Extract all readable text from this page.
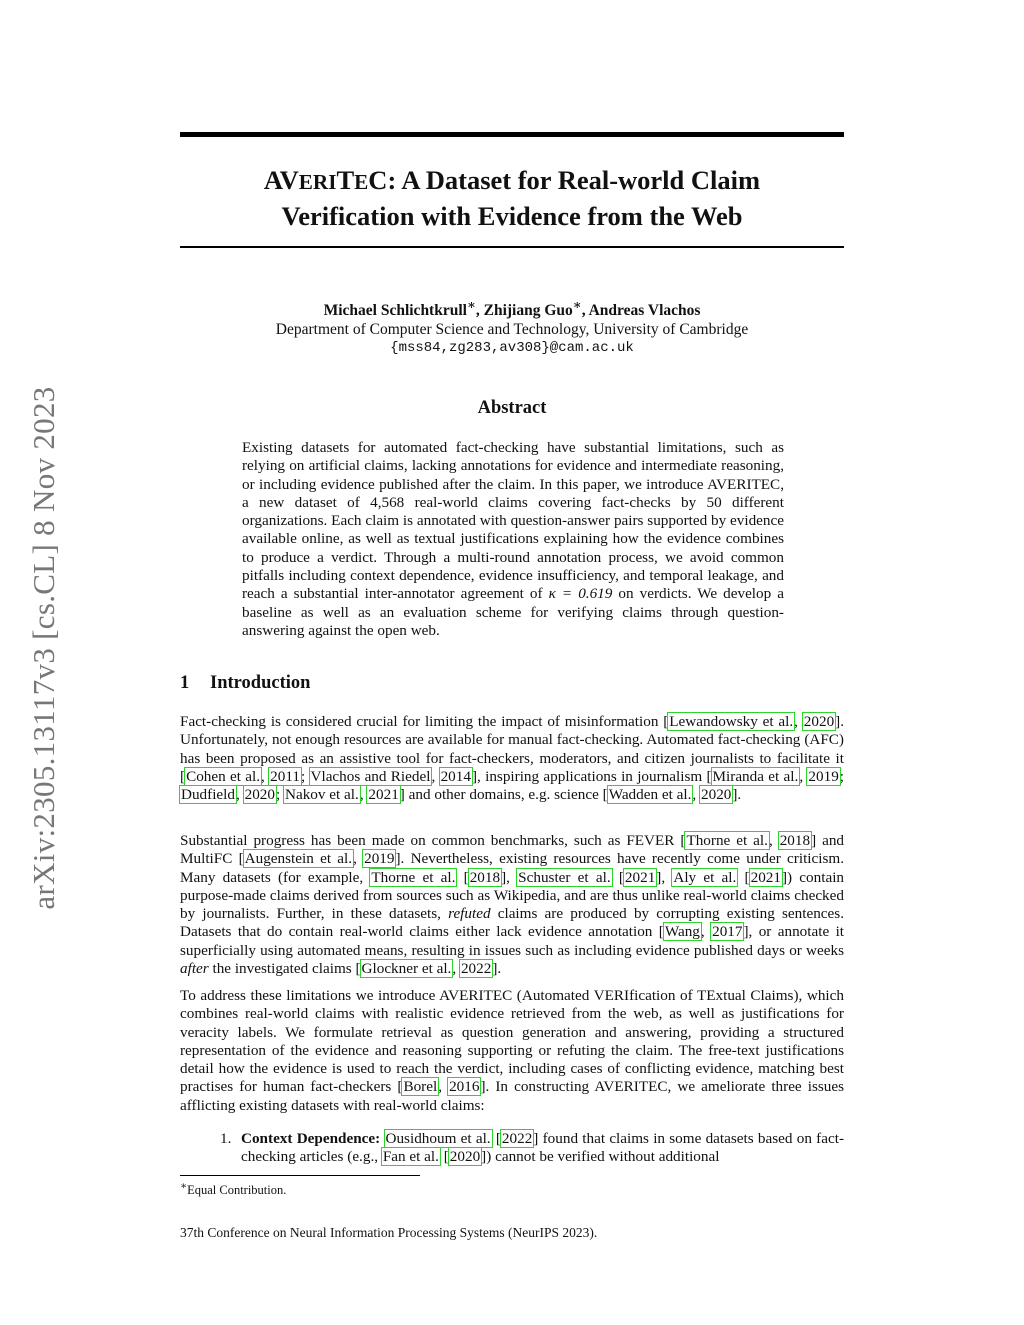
arXiv:2305.13117v3 [cs.CL] 8 Nov 2023
AVERITEC: A Dataset for Real-world Claim
Verification with Evidence from the Web
Michael Schlichtkrull∗, Zhijiang Guo∗, Andreas Vlachos
Department of Computer Science and Technology, University of Cambridge
{mss84,zg283,av308}@cam.ac.uk
Abstract
Existing datasets for automated fact-checking have substantial limitations, such as relying on artificial claims, lacking annotations for evidence and intermediate reasoning, or including evidence published after the claim. In this paper, we introduce AVERITEC, a new dataset of 4,568 real-world claims covering fact-checks by 50 different organizations. Each claim is annotated with question-answer pairs supported by evidence available online, as well as textual justifications explaining how the evidence combines to produce a verdict. Through a multi-round annotation process, we avoid common pitfalls including context dependence, evidence insufficiency, and temporal leakage, and reach a substantial inter-annotator agreement of κ = 0.619 on verdicts. We develop a baseline as well as an evaluation scheme for verifying claims through question-answering against the open web.
1 Introduction
Fact-checking is considered crucial for limiting the impact of misinformation [Lewandowsky et al., 2020]. Unfortunately, not enough resources are available for manual fact-checking. Automated fact-checking (AFC) has been proposed as an assistive tool for fact-checkers, moderators, and citizen journalists to facilitate it [Cohen et al., 2011; Vlachos and Riedel, 2014], inspiring applications in journalism [Miranda et al., 2019; Dudfield, 2020; Nakov et al., 2021] and other domains, e.g. science [Wadden et al., 2020].
Substantial progress has been made on common benchmarks, such as FEVER [Thorne et al., 2018] and MultiFC [Augenstein et al., 2019]. Nevertheless, existing resources have recently come under criticism. Many datasets (for example, Thorne et al. [2018], Schuster et al. [2021], Aly et al. [2021]) contain purpose-made claims derived from sources such as Wikipedia, and are thus unlike real-world claims checked by journalists. Further, in these datasets, refuted claims are produced by corrupting existing sentences. Datasets that do contain real-world claims either lack evidence annotation [Wang, 2017], or annotate it superficially using automated means, resulting in issues such as including evidence published days or weeks after the investigated claims [Glockner et al., 2022].
To address these limitations we introduce AVERITEC (Automated VERIfication of TExtual Claims), which combines real-world claims with realistic evidence retrieved from the web, as well as justifications for veracity labels. We formulate retrieval as question generation and answering, providing a structured representation of the evidence and reasoning supporting or refuting the claim. The free-text justifications detail how the evidence is used to reach the verdict, including cases of conflicting evidence, matching best practises for human fact-checkers [Borel, 2016]. In constructing AVERITEC, we ameliorate three issues afflicting existing datasets with real-world claims:
1. Context Dependence: Ousidhoum et al. [2022] found that claims in some datasets based on fact-checking articles (e.g., Fan et al. [2020]) cannot be verified without additional
∗Equal Contribution.
37th Conference on Neural Information Processing Systems (NeurIPS 2023).
